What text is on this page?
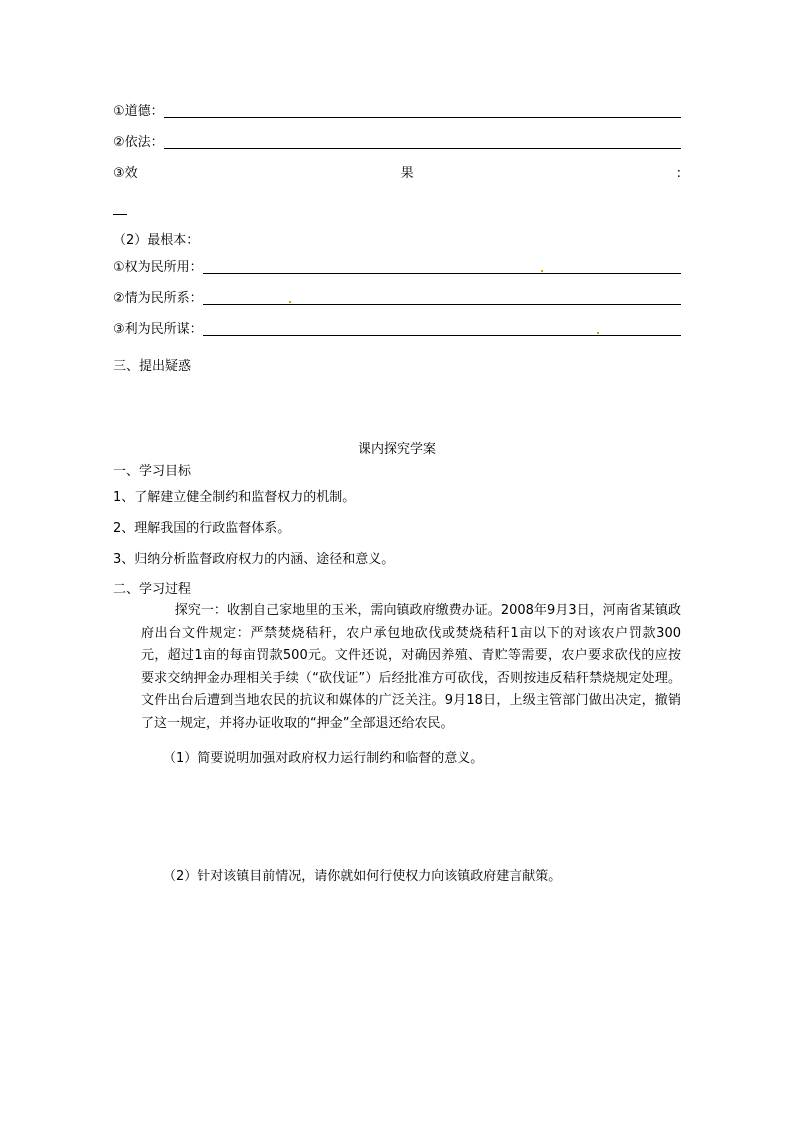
①道德：
②依法：
③效	果	:
（2）最根本：
①权为民所用：
②情为民所系：
③利为民所谋：
三、提出疑惑
课内探究学案
一、学习目标
1、了解建立健全制约和监督权力的机制。
2、理解我国的行政监督体系。
3、归纳分析监督政府权力的内涵、途径和意义。
二、学习过程
探究一：收割自己家地里的玉米，需向镇政府缴费办证。2008年9月3日，河南省某镇政府出台文件规定：严禁焚烧秸秆，农户承包地砍伐或焚烧秸秆1亩以下的对该农户罚款300元，超过1亩的每亩罚款500元。文件还说，对确因养殖、青贮等需要，农户要求砍伐的应按要求交纳押金办理相关手续（“砍伐证”）后经批准方可砍伐，否则按违反秸秆禁烧规定处理。文件出台后遭到当地农民的抗议和媒体的广泛关注。9月18日，上级主管部门做出决定，撤销了这一规定，并将办证收取的“押金”全部退还给农民。
（1）简要说明加强对政府权力运行制约和临督的意义。
（2）针对该镇目前情况，请你就如何行使权力向该镇政府建言献策。
